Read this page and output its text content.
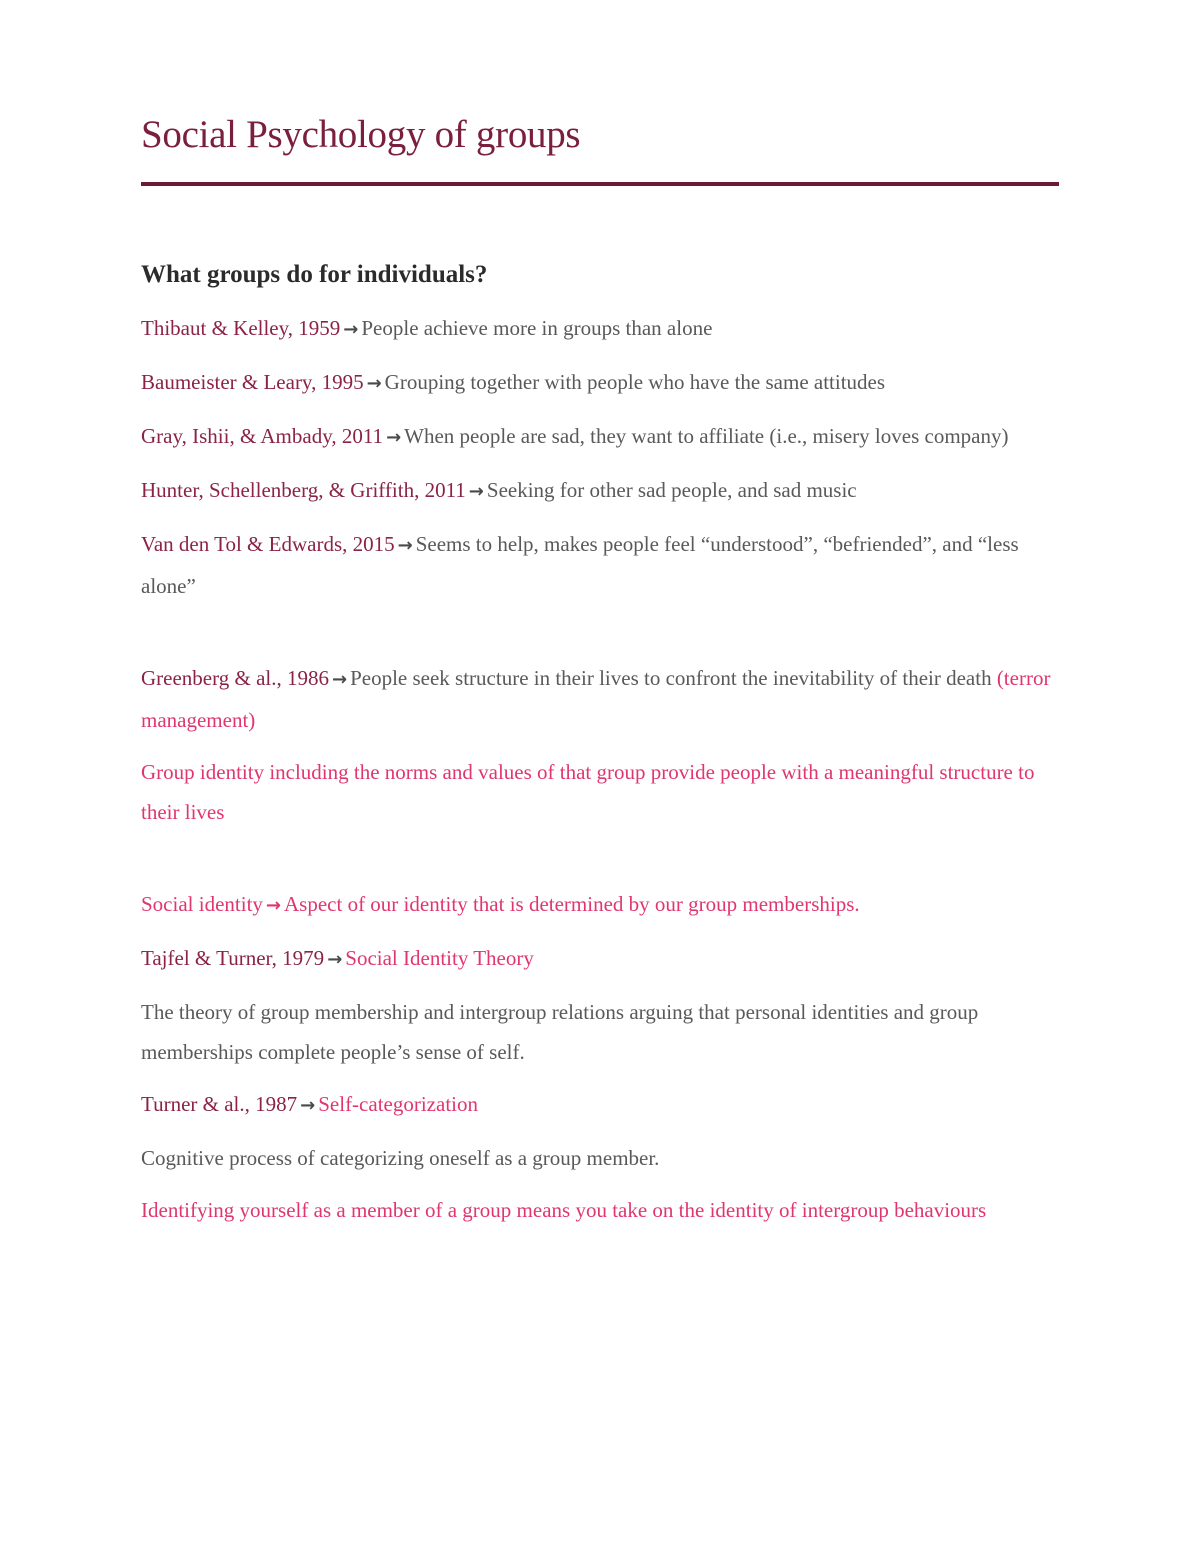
Social Psychology of groups
What groups do for individuals?

Thibaut & Kelley, 1959 → People achieve more in groups than alone

Baumeister & Leary, 1995 → Grouping together with people who have the same attitudes

Gray, Ishii, & Ambady, 2011 → When people are sad, they want to affiliate (i.e., misery loves company)

Hunter, Schellenberg, & Griffith, 2011 → Seeking for other sad people, and sad music

Van den Tol & Edwards, 2015 → Seems to help, makes people feel “understood”, “befriended”, and “less alone”

Greenberg & al., 1986 → People seek structure in their lives to confront the inevitability of their death (terror management)

Group identity including the norms and values of that group provide people with a meaningful structure to their lives

Social identity → Aspect of our identity that is determined by our group memberships.

Tajfel & Turner, 1979 → Social Identity Theory

The theory of group membership and intergroup relations arguing that personal identities and group memberships complete people’s sense of self.

Turner & al., 1987 → Self-categorization

Cognitive process of categorizing oneself as a group member.

Identifying yourself as a member of a group means you take on the identity of intergroup behaviours
